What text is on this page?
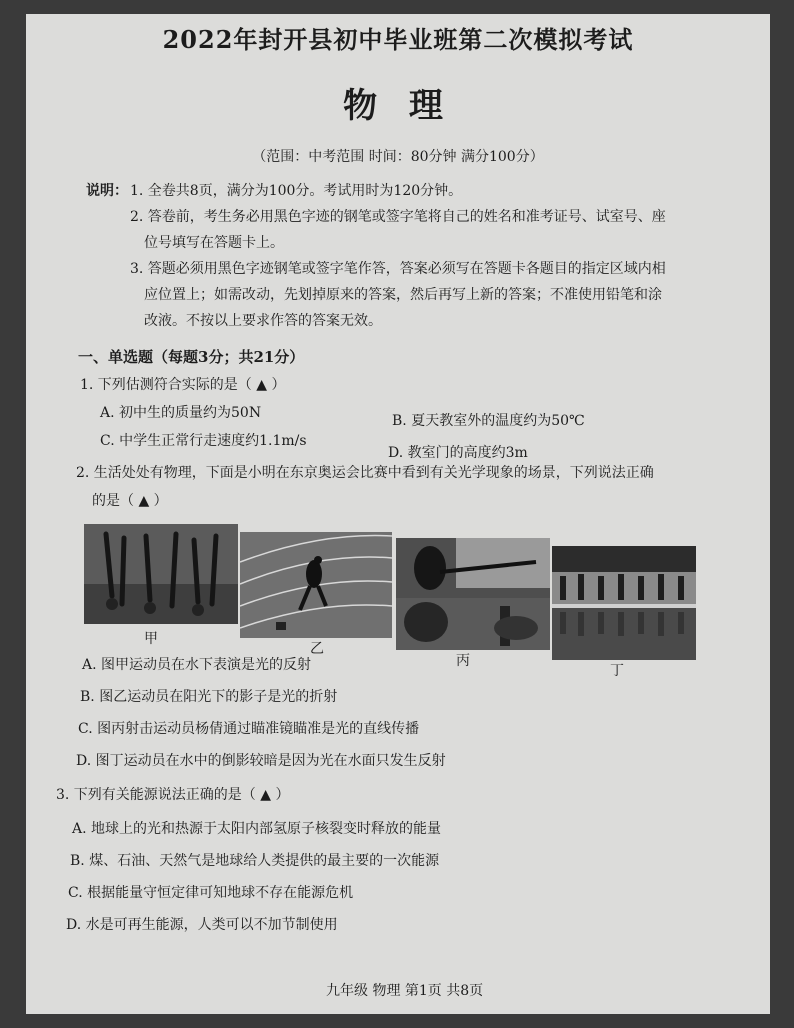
2022年封开县初中毕业班第二次模拟考试
物 理
（范围：中考范围 时间：80分钟 满分100分）
说明： 1. 全卷共8页，满分为100分。考试用时为120分钟。
2. 答卷前，考生务必用黑色字迹的钢笔或签字笔将自己的姓名和准考证号、试室号、座
位号填写在答题卡上。
3. 答题必须用黑色字迹钢笔或签字笔作答，答案必须写在答题卡各题目的指定区域内相
应位置上；如需改动，先划掉原来的答案，然后再写上新的答案；不准使用铅笔和涂
改液。不按以上要求作答的答案无效。
一、单选题（每题3分；共21分）
1. 下列估测符合实际的是（ ▲ ）
A. 初中生的质量约为50N	B. 夏天教室外的温度约为50℃
C. 中学生正常行走速度约1.1m/s
D. 教室门的高度约3m
2. 生活处处有物理，下面是小明在东京奥运会比赛中看到有关光学现象的场景，下列说法正确
的是（ ▲ ）
甲
乙
丙
丁
A. 图甲运动员在水下表演是光的反射
B. 图乙运动员在阳光下的影子是光的折射
C. 图丙射击运动员杨倩通过瞄准镜瞄准是光的直线传播
D. 图丁运动员在水中的倒影较暗是因为光在水面只发生反射
3. 下列有关能源说法正确的是（ ▲ ）
A. 地球上的光和热源于太阳内部氢原子核裂变时释放的能量
B. 煤、石油、天然气是地球给人类提供的最主要的一次能源
C. 根据能量守恒定律可知地球不存在能源危机
D. 水是可再生能源，人类可以不加节制使用
九年级 物理 第1页 共8页
